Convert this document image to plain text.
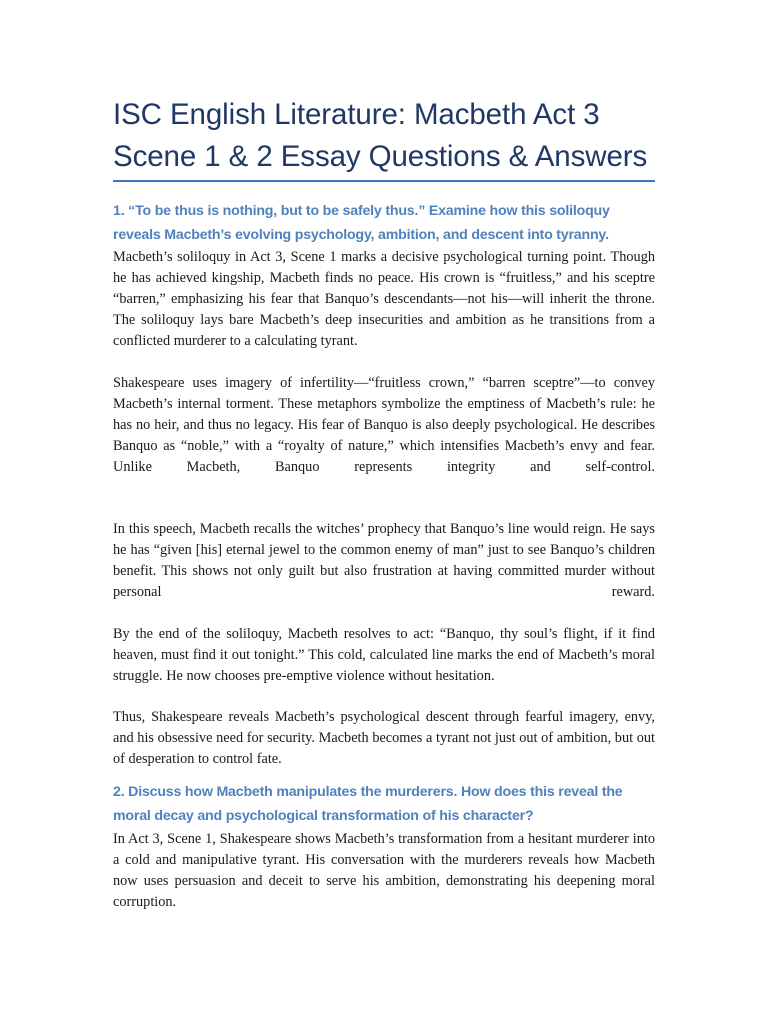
ISC English Literature: Macbeth Act 3 Scene 1 & 2 Essay Questions & Answers
1. “To be thus is nothing, but to be safely thus.” Examine how this soliloquy reveals Macbeth’s evolving psychology, ambition, and descent into tyranny.

Macbeth’s soliloquy in Act 3, Scene 1 marks a decisive psychological turning point. Though he has achieved kingship, Macbeth finds no peace. His crown is “fruitless,” and his sceptre “barren,” emphasizing his fear that Banquo’s descendants—not his—will inherit the throne. The soliloquy lays bare Macbeth’s deep insecurities and ambition as he transitions from a conflicted murderer to a calculating tyrant.

Shakespeare uses imagery of infertility—“fruitless crown,” “barren sceptre”—to convey Macbeth’s internal torment. These metaphors symbolize the emptiness of Macbeth’s rule: he has no heir, and thus no legacy. His fear of Banquo is also deeply psychological. He describes Banquo as “noble,” with a “royalty of nature,” which intensifies Macbeth’s envy and fear. Unlike Macbeth, Banquo represents integrity and self-control.

In this speech, Macbeth recalls the witches’ prophecy that Banquo’s line would reign. He says he has “given [his] eternal jewel to the common enemy of man” just to see Banquo’s children benefit. This shows not only guilt but also frustration at having committed murder without personal reward.

By the end of the soliloquy, Macbeth resolves to act: “Banquo, thy soul’s flight, if it find heaven, must find it out tonight.” This cold, calculated line marks the end of Macbeth’s moral struggle. He now chooses pre-emptive violence without hesitation.

Thus, Shakespeare reveals Macbeth’s psychological descent through fearful imagery, envy, and his obsessive need for security. Macbeth becomes a tyrant not just out of ambition, but out of desperation to control fate.

2. Discuss how Macbeth manipulates the murderers. How does this reveal the moral decay and psychological transformation of his character?

In Act 3, Scene 1, Shakespeare shows Macbeth’s transformation from a hesitant murderer into a cold and manipulative tyrant. His conversation with the murderers reveals how Macbeth now uses persuasion and deceit to serve his ambition, demonstrating his deepening moral corruption.
